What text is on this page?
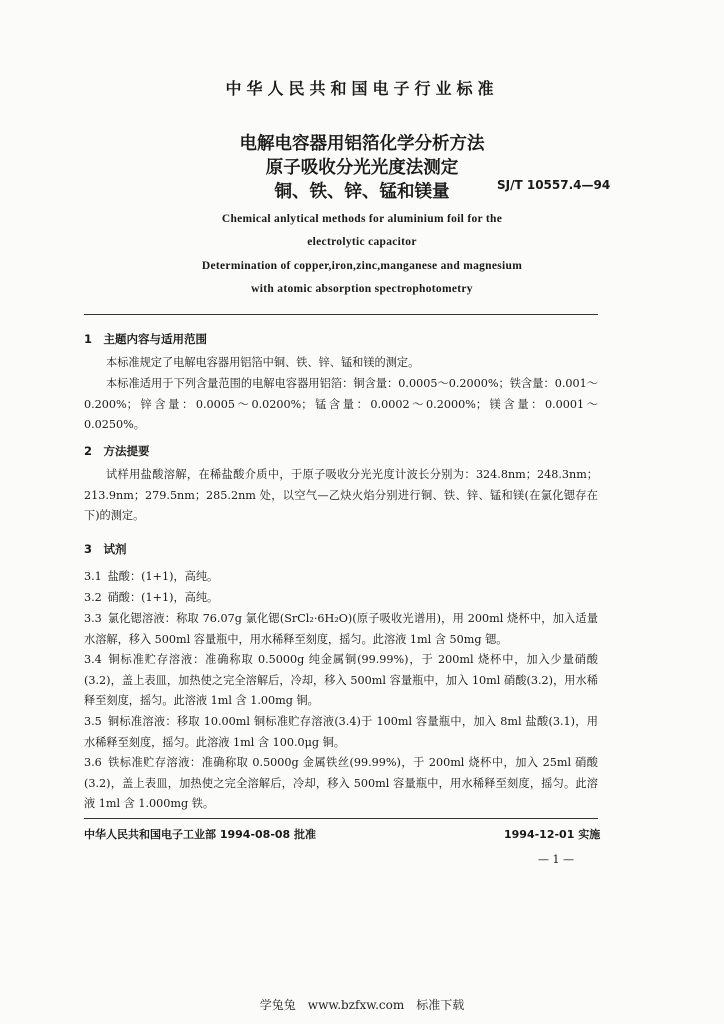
中华人民共和国电子行业标准
电解电容器用铝箔化学分析方法
原子吸收分光光度法测定
铜、铁、锌、锰和镁量	SJ/T 10557.4—94
Chemical anlytical methods for aluminium foil for the
electrolytic capacitor
Determination of copper,iron,zinc,manganese and magnesium
with atomic absorption spectrophotometry
1　主题内容与适用范围
本标准规定了电解电容器用铝箔中铜、铁、锌、锰和镁的测定。
本标准适用于下列含量范围的电解电容器用铝箔：铜含量：0.0005～0.2000%；铁含量：0.001～0.200%；锌含量：0.0005～0.0200%；锰含量：0.0002～0.2000%；镁含量：0.0001～0.0250%。
2　方法提要
试样用盐酸溶解，在稀盐酸介质中，于原子吸收分光光度计波长分别为：324.8nm；248.3nm；213.9nm；279.5nm；285.2nm 处，以空气—乙炔火焰分别进行铜、铁、锌、锰和镁(在氯化锶存在下)的测定。
3　试剂
3.1 盐酸：(1+1)，高纯。
3.2 硝酸：(1+1)，高纯。
3.3 氯化锶溶液：称取 76.07g 氯化锶(SrCl₂·6H₂O)(原子吸收光谱用)，用 200ml 烧杯中，加入适量水溶解，移入 500ml 容量瓶中，用水稀释至刻度，摇匀。此溶液 1ml 含 50mg 锶。
3.4 铜标准贮存溶液：准确称取 0.5000g 纯金属铜(99.99%)，于 200ml 烧杯中，加入少量硝酸(3.2)，盖上表皿，加热使之完全溶解后，冷却，移入 500ml 容量瓶中，加入 10ml 硝酸(3.2)，用水稀释至刻度，摇匀。此溶液 1ml 含 1.00mg 铜。
3.5 铜标准溶液：移取 10.00ml 铜标准贮存溶液(3.4)于 100ml 容量瓶中，加入 8ml 盐酸(3.1)，用水稀释至刻度，摇匀。此溶液 1ml 含 100.0μg 铜。
3.6 铁标准贮存溶液：准确称取 0.5000g 金属铁丝(99.99%)，于 200ml 烧杯中，加入 25ml 硝酸(3.2)，盖上表皿，加热使之完全溶解后，冷却，移入 500ml 容量瓶中，用水稀释至刻度，摇匀。此溶液 1ml 含 1.000mg 铁。
中华人民共和国电子工业部 1994-08-08 批准	1994-12-01 实施
— 1 —
学兔兔　www.bzfxw.com　标准下载
